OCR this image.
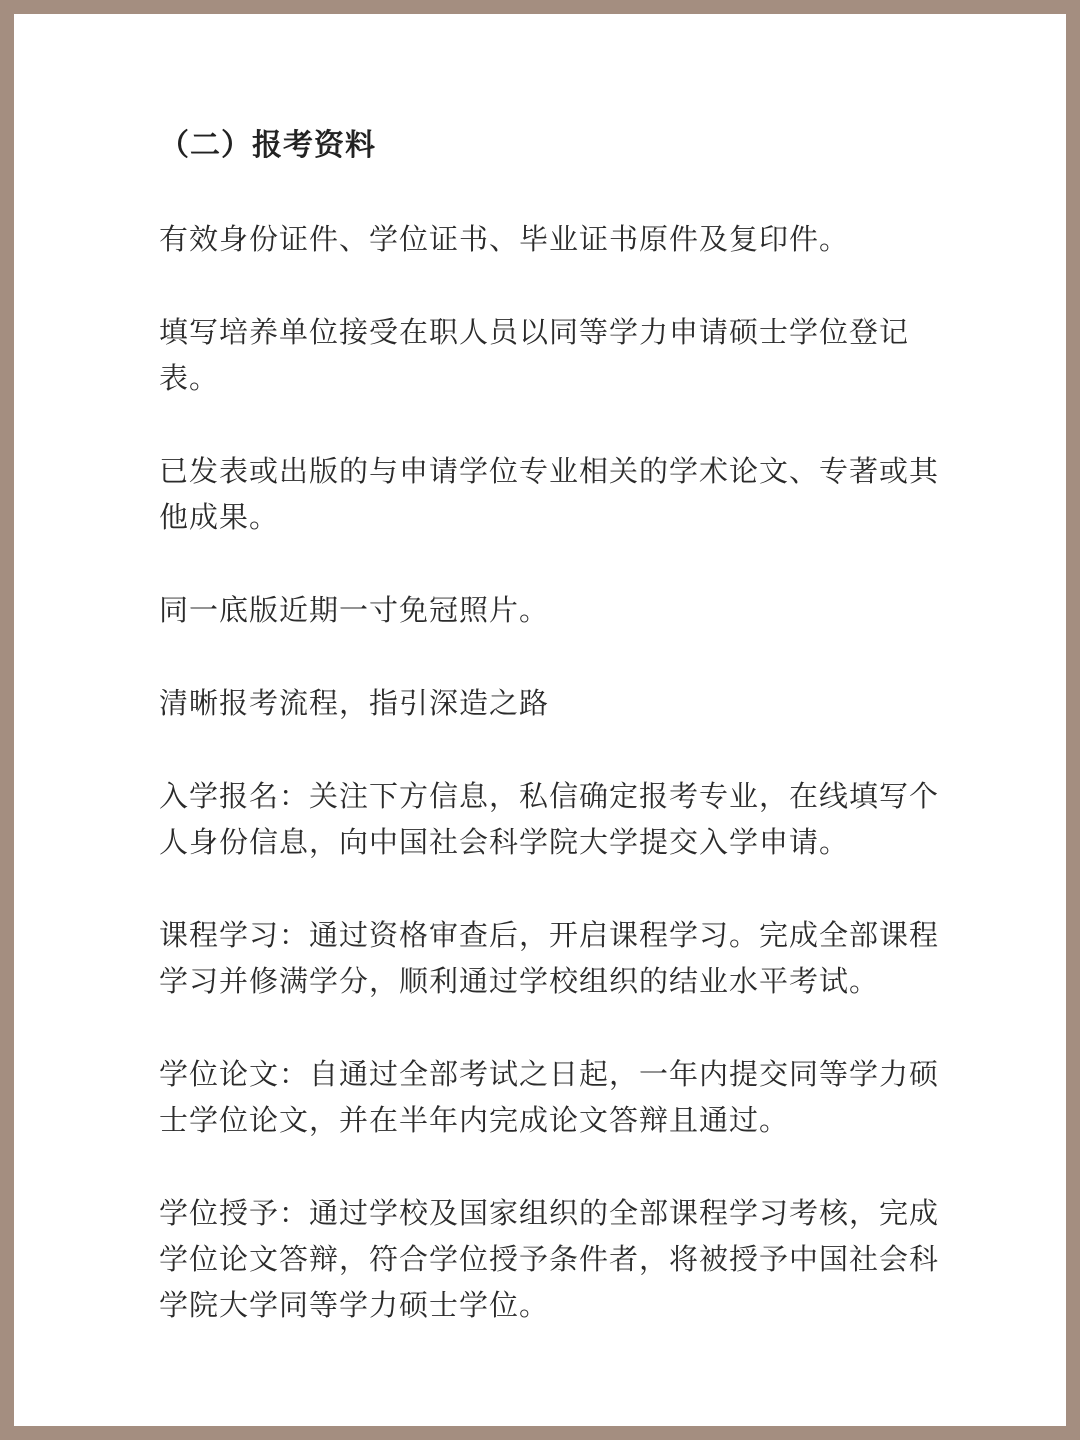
（二）报考资料

有效身份证件、学位证书、毕业证书原件及复印件。

填写培养单位接受在职人员以同等学力申请硕士学位登记表。

已发表或出版的与申请学位专业相关的学术论文、专著或其他成果。

同一底版近期一寸免冠照片。

清晰报考流程，指引深造之路

入学报名：关注下方信息，私信确定报考专业，在线填写个人身份信息，向中国社会科学院大学提交入学申请。

课程学习：通过资格审查后，开启课程学习。完成全部课程学习并修满学分，顺利通过学校组织的结业水平考试。

学位论文：自通过全部考试之日起，一年内提交同等学力硕士学位论文，并在半年内完成论文答辩且通过。

学位授予：通过学校及国家组织的全部课程学习考核，完成学位论文答辩，符合学位授予条件者，将被授予中国社会科学院大学同等学力硕士学位。
